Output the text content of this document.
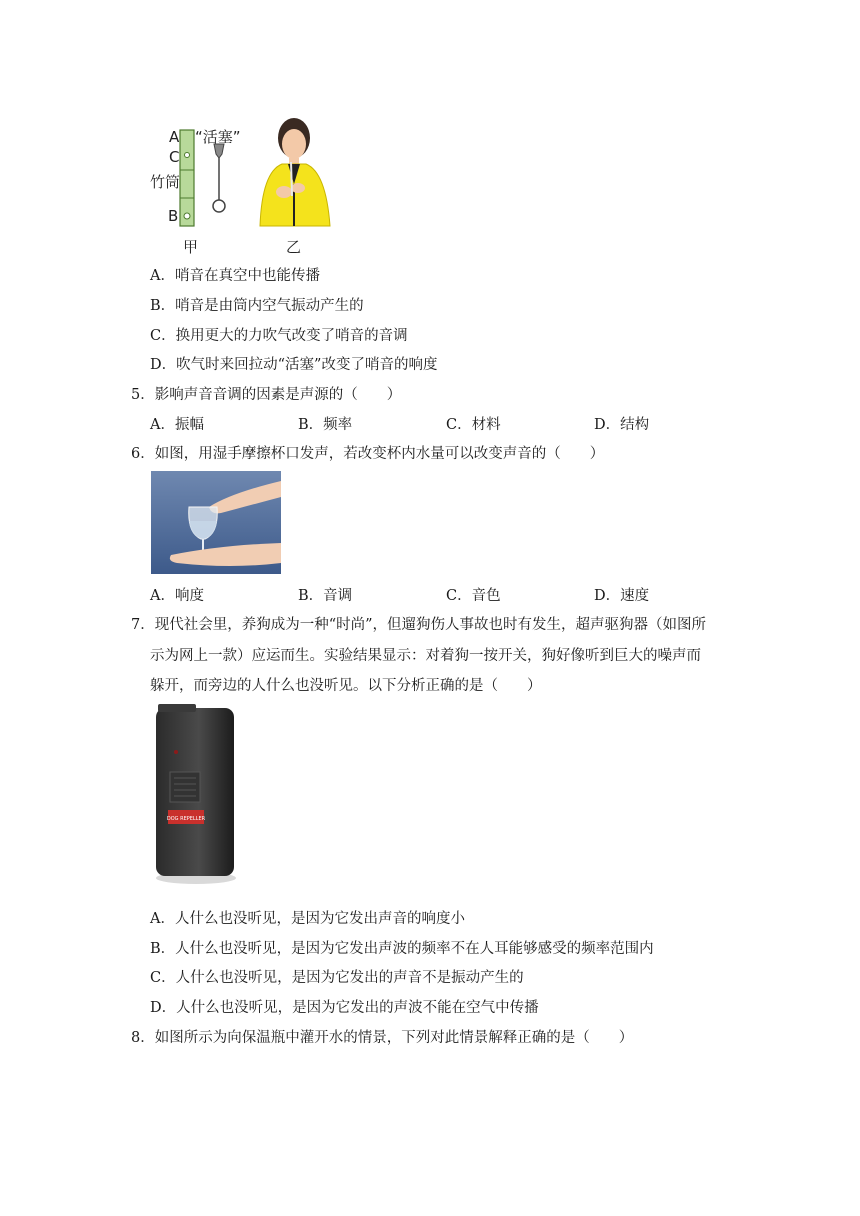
A
C
竹筒
B
“活塞”
甲	乙
A．哨音在真空中也能传播
B．哨音是由筒内空气振动产生的
C．换用更大的力吹气改变了哨音的音调
D．吹气时来回拉动“活塞”改变了哨音的响度
5．影响声音音调的因素是声源的（　　）
A．振幅	B．频率	C．材料	D．结构
6．如图，用湿手摩擦杯口发声，若改变杯内水量可以改变声音的（　　）
A．响度	B．音调	C．音色	D．速度
7．现代社会里，养狗成为一种“时尚”，但遛狗伤人事故也时有发生，超声驱狗器（如图所
示为网上一款）应运而生。实验结果显示：对着狗一按开关，狗好像听到巨大的噪声而
躲开，而旁边的人什么也没听见。以下分析正确的是（　　）
DOG REPELLER
A．人什么也没听见，是因为它发出声音的响度小
B．人什么也没听见，是因为它发出声波的频率不在人耳能够感受的频率范围内
C．人什么也没听见，是因为它发出的声音不是振动产生的
D．人什么也没听见，是因为它发出的声波不能在空气中传播
8．如图所示为向保温瓶中灌开水的情景，下列对此情景解释正确的是（　　）
